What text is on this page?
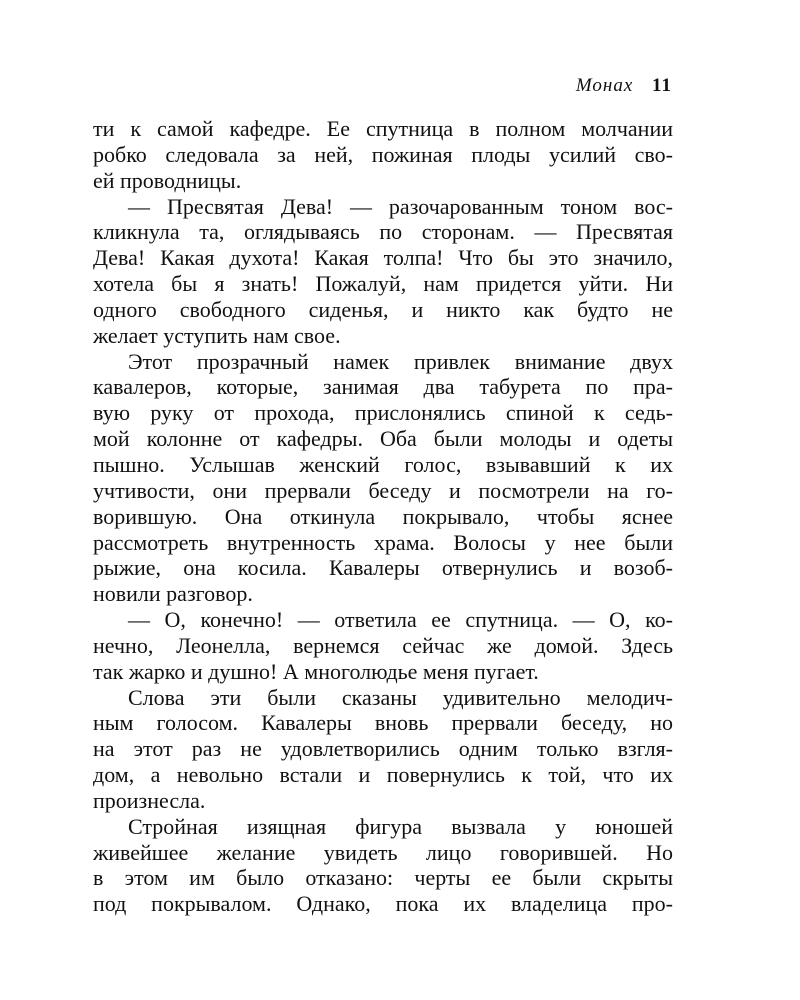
Монах 11
ти к самой кафедре. Ее спутница в полном молчании
робко следовала за ней, пожиная плоды усилий сво-
ей проводницы.
— Пресвятая Дева! — разочарованным тоном вос-
кликнула та, оглядываясь по сторонам. — Пресвятая
Дева! Какая духота! Какая толпа! Что бы это значило,
хотела бы я знать! Пожалуй, нам придется уйти. Ни
одного свободного сиденья, и никто как будто не
желает уступить нам свое.
Этот прозрачный намек привлек внимание двух
кавалеров, которые, занимая два табурета по пра-
вую руку от прохода, прислонялись спиной к седь-
мой колонне от кафедры. Оба были молоды и одеты
пышно. Услышав женский голос, взывавший к их
учтивости, они прервали беседу и посмотрели на го-
ворившую. Она откинула покрывало, чтобы яснее
рассмотреть внутренность храма. Волосы у нее были
рыжие, она косила. Кавалеры отвернулись и возоб-
новили разговор.
— О, конечно! — ответила ее спутница. — О, ко-
нечно, Леонелла, вернемся сейчас же домой. Здесь
так жарко и душно! А многолюдье меня пугает.
Слова эти были сказаны удивительно мелодич-
ным голосом. Кавалеры вновь прервали беседу, но
на этот раз не удовлетворились одним только взгля-
дом, а невольно встали и повернулись к той, что их
произнесла.
Стройная изящная фигура вызвала у юношей
живейшее желание увидеть лицо говорившей. Но
в этом им было отказано: черты ее были скрыты
под покрывалом. Однако, пока их владелица про-
